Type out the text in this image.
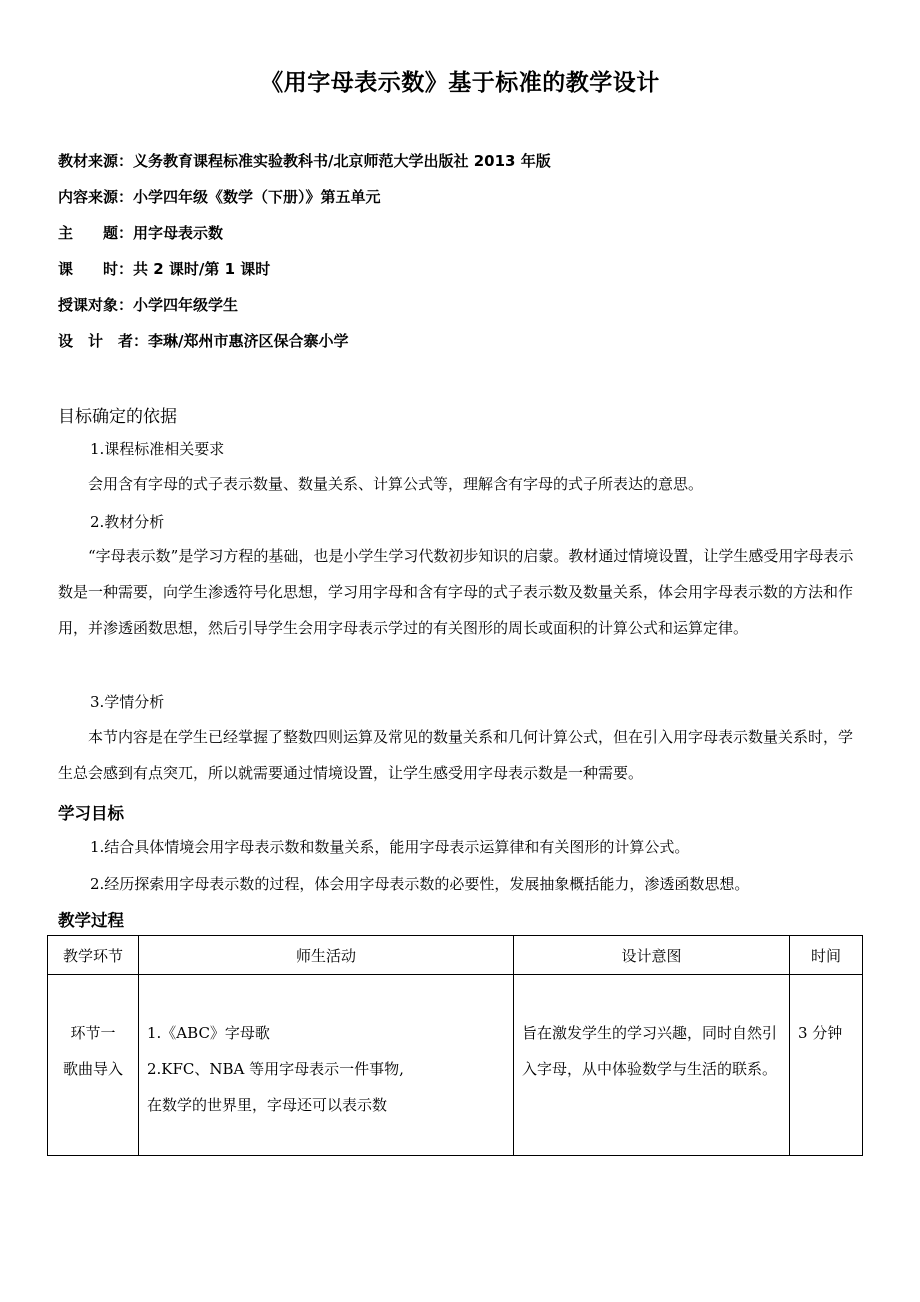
《用字母表示数》基于标准的教学设计
教材来源：义务教育课程标准实验教科书/北京师范大学出版社 2013 年版
内容来源：小学四年级《数学（下册）》第五单元
主　　题：用字母表示数
课　　时：共 2 课时/第 1 课时
授课对象：小学四年级学生
设　计　者：李琳/郑州市惠济区保合寨小学
目标确定的依据
1.课程标准相关要求
会用含有字母的式子表示数量、数量关系、计算公式等，理解含有字母的式子所表达的意思。
2.教材分析
“字母表示数”是学习方程的基础，也是小学生学习代数初步知识的启蒙。教材通过情境设置，让学生感受用字母表示数是一种需要，向学生渗透符号化思想，学习用字母和含有字母的式子表示数及数量关系，体会用字母表示数的方法和作用，并渗透函数思想，然后引导学生会用字母表示学过的有关图形的周长或面积的计算公式和运算定律。
3.学情分析
本节内容是在学生已经掌握了整数四则运算及常见的数量关系和几何计算公式，但在引入用字母表示数量关系时，学生总会感到有点突兀，所以就需要通过情境设置，让学生感受用字母表示数是一种需要。
学习目标
1.结合具体情境会用字母表示数和数量关系，能用字母表示运算律和有关图形的计算公式。
2.经历探索用字母表示数的过程，体会用字母表示数的必要性，发展抽象概括能力，渗透函数思想。
教学过程
教学环节	师生活动	设计意图	时间

环节一
歌曲导入	1.《ABC》字母歌
2.KFC、NBA 等用字母表示一件事物,
在数学的世界里，字母还可以表示数	旨在激发学生的学习兴趣，同时自然引入字母，从中体验数学与生活的联系。	3 分钟
